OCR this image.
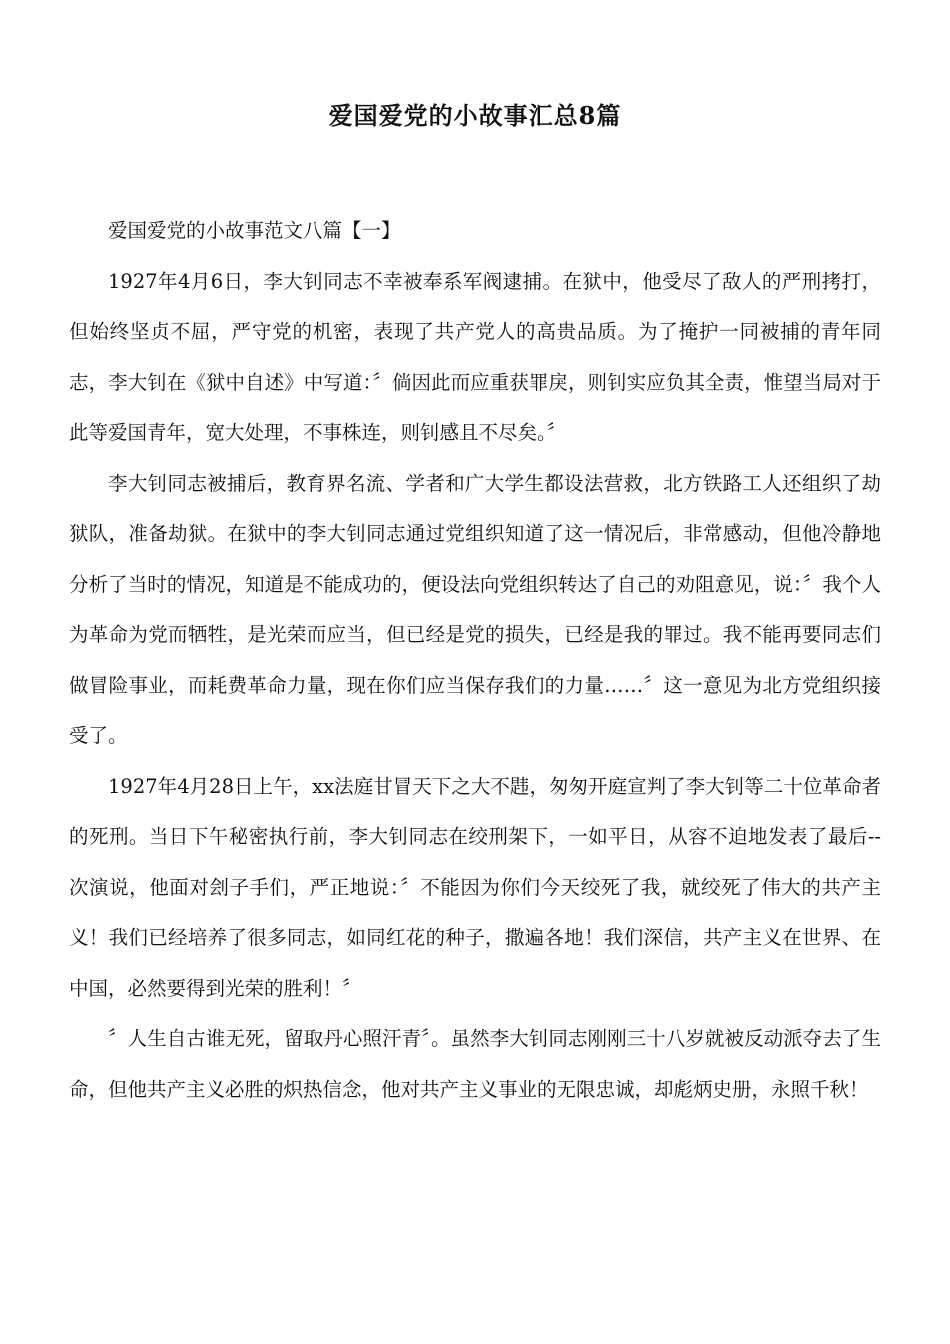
爱国爱党的小故事汇总8篇

爱国爱党的小故事范文八篇【一】

1927年4月6日，李大钊同志不幸被奉系军阀逮捕。在狱中，他受尽了敌人的严刑拷打，但始终坚贞不屈，严守党的机密，表现了共产党人的高贵品质。为了掩护一同被捕的青年同志，李大钊在《狱中自述》中写道：〞倘因此而应重获罪戾，则钊实应负其全责，惟望当局对于此等爱国青年，宽大处理，不事株连，则钊感且不尽矣。〞

李大钊同志被捕后，教育界名流、学者和广大学生都设法营救，北方铁路工人还组织了劫狱队，准备劫狱。在狱中的李大钊同志通过党组织知道了这一情况后，非常感动，但他冷静地分析了当时的情况，知道是不能成功的，便设法向党组织转达了自己的劝阻意见，说：〞我个人为革命为党而牺牲，是光荣而应当，但已经是党的损失，已经是我的罪过。我不能再要同志们做冒险事业，而耗费革命力量，现在你们应当保存我们的力量……〞这一意见为北方党组织接受了。

1927年4月28日上午，xx法庭甘冒天下之大不韪，匆匆开庭宣判了李大钊等二十位革命者的死刑。当日下午秘密执行前，李大钊同志在绞刑架下，一如平日，从容不迫地发表了最后--次演说，他面对刽子手们，严正地说：〞不能因为你们今天绞死了我，就绞死了伟大的共产主义！我们已经培养了很多同志，如同红花的种子，撒遍各地！我们深信，共产主义在世界、在中国，必然要得到光荣的胜利！〞

〞人生自古谁无死，留取丹心照汗青〞。虽然李大钊同志刚刚三十八岁就被反动派夺去了生命，但他共产主义必胜的炽热信念，他对共产主义事业的无限忠诚，却彪炳史册，永照千秋！
